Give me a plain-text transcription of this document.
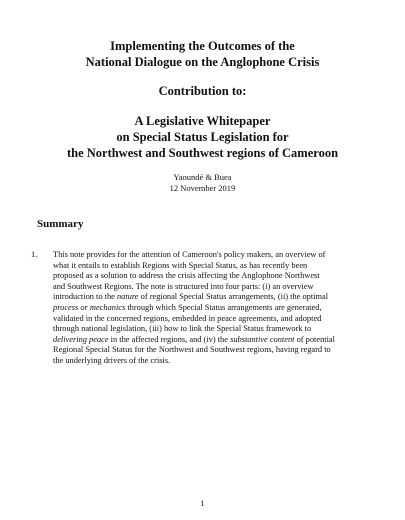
Implementing the Outcomes of the
National Dialogue on the Anglophone Crisis
Contribution to:
A Legislative Whitepaper
on Special Status Legislation for
the Northwest and Southwest regions of Cameroon
Yaoundé & Buea
12 November 2019
Summary
1.	This note provides for the attention of Cameroon's policy makers, an overview of
what it entails to establish Regions with Special Status, as has recently been
proposed as a solution to address the crisis affecting the Anglophone Northwest
and Southwest Regions. The note is structured into four parts: (i) an overview
introduction to the nature of regional Special Status arrangements, (ii) the optimal
process or mechanics through which Special Status arrangements are generated,
validated in the concerned regions, embedded in peace agreements, and adopted
through national legislation, (iii) how to link the Special Status framework to
delivering peace in the affected regions, and (iv) the substantive content of potential
Regional Special Status for the Northwest and Southwest regions, having regard to
the underlying drivers of the crisis.
1
